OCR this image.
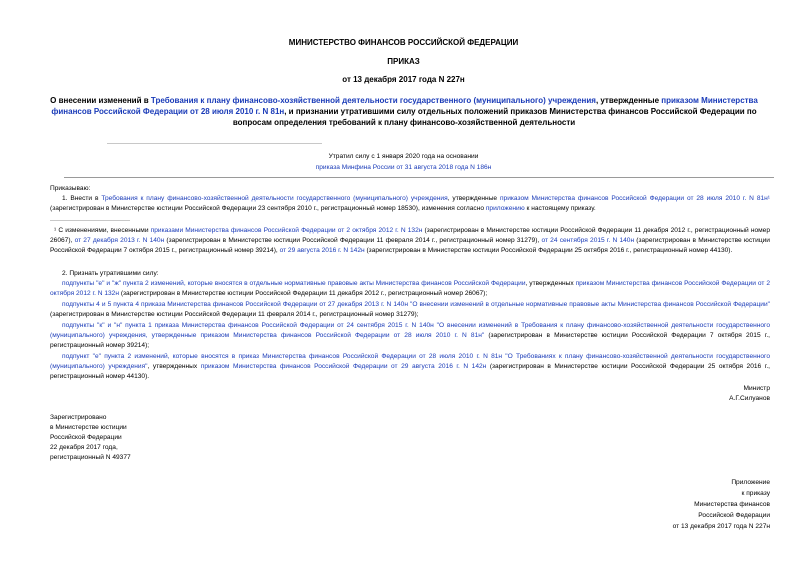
МИНИСТЕРСТВО ФИНАНСОВ РОССИЙСКОЙ ФЕДЕРАЦИИ
ПРИКАЗ
от 13 декабря 2017 года N 227н
О внесении изменений в Требования к плану финансово-хозяйственной деятельности государственного (муниципального) учреждения, утвержденные приказом Министерства финансов Российской Федерации от 28 июля 2010 г. N 81н, и признании утратившими силу отдельных положений приказов Министерства финансов Российской Федерации по вопросам определения требований к плану финансово-хозяйственной деятельности
Утратил силу с 1 января 2020 года на основании
приказа Минфина России от 31 августа 2018 года N 186н
Приказываю:
1. Внести в Требования к плану финансово-хозяйственной деятельности государственного (муниципального) учреждения, утвержденные приказом Министерства финансов Российской Федерации от 28 июля 2010 г. N 81н¹ (зарегистрирован в Министерстве юстиции Российской Федерации 23 сентября 2010 г., регистрационный номер 18530), изменения согласно приложению к настоящему приказу.
¹ С изменениями, внесенными приказами Министерства финансов Российской Федерации от 2 октября 2012 г. N 132н (зарегистрирован в Министерстве юстиции Российской Федерации 11 декабря 2012 г., регистрационный номер 26067), от 27 декабря 2013 г. N 140н (зарегистрирован в Министерстве юстиции Российской Федерации 11 февраля 2014 г., регистрационный номер 31279), от 24 сентября 2015 г. N 140н (зарегистрирован в Министерстве юстиции Российской Федерации 7 октября 2015 г., регистрационный номер 39214), от 29 августа 2016 г. N 142н (зарегистрирован в Министерстве юстиции Российской Федерации 25 октября 2016 г., регистрационный номер 44130).
2. Признать утратившими силу:
подпункты "е" и "ж" пункта 2 изменений, которые вносятся в отдельные нормативные правовые акты Министерства финансов Российской Федерации, утвержденных приказом Министерства финансов Российской Федерации от 2 октября 2012 г. N 132н (зарегистрирован в Министерстве юстиции Российской Федерации 11 декабря 2012 г., регистрационный номер 26067);
подпункты 4 и 5 пункта 4 приказа Министерства финансов Российской Федерации от 27 декабря 2013 г. N 140н "О внесении изменений в отдельные нормативные правовые акты Министерства финансов Российской Федерации" (зарегистрирован в Министерстве юстиции Российской Федерации 11 февраля 2014 г., регистрационный номер 31279);
подпункты "к" и "н" пункта 1 приказа Министерства финансов Российской Федерации от 24 сентября 2015 г. N 140н "О внесении изменений в Требования к плану финансово-хозяйственной деятельности государственного (муниципального) учреждения, утвержденные приказом Министерства финансов Российской Федерации от 28 июля 2010 г. N 81н" (зарегистрирован в Министерстве юстиции Российской Федерации 7 октября 2015 г., регистрационный номер 39214);
подпункт "е" пункта 2 изменений, которые вносятся в приказ Министерства финансов Российской Федерации от 28 июля 2010 г. N 81н "О Требованиях к плану финансово-хозяйственной деятельности государственного (муниципального) учреждения", утвержденных приказом Министерства финансов Российской Федерации от 29 августа 2016 г. N 142н (зарегистрирован в Министерстве юстиции Российской Федерации 25 октября 2016 г., регистрационный номер 44130).
Министр
А.Г.Силуанов
Зарегистрировано
в Министерстве юстиции
Российской Федерации
22 декабря 2017 года,
регистрационный N 49377
Приложение
к приказу
Министерства финансов
Российской Федерации
от 13 декабря 2017 года N 227н
